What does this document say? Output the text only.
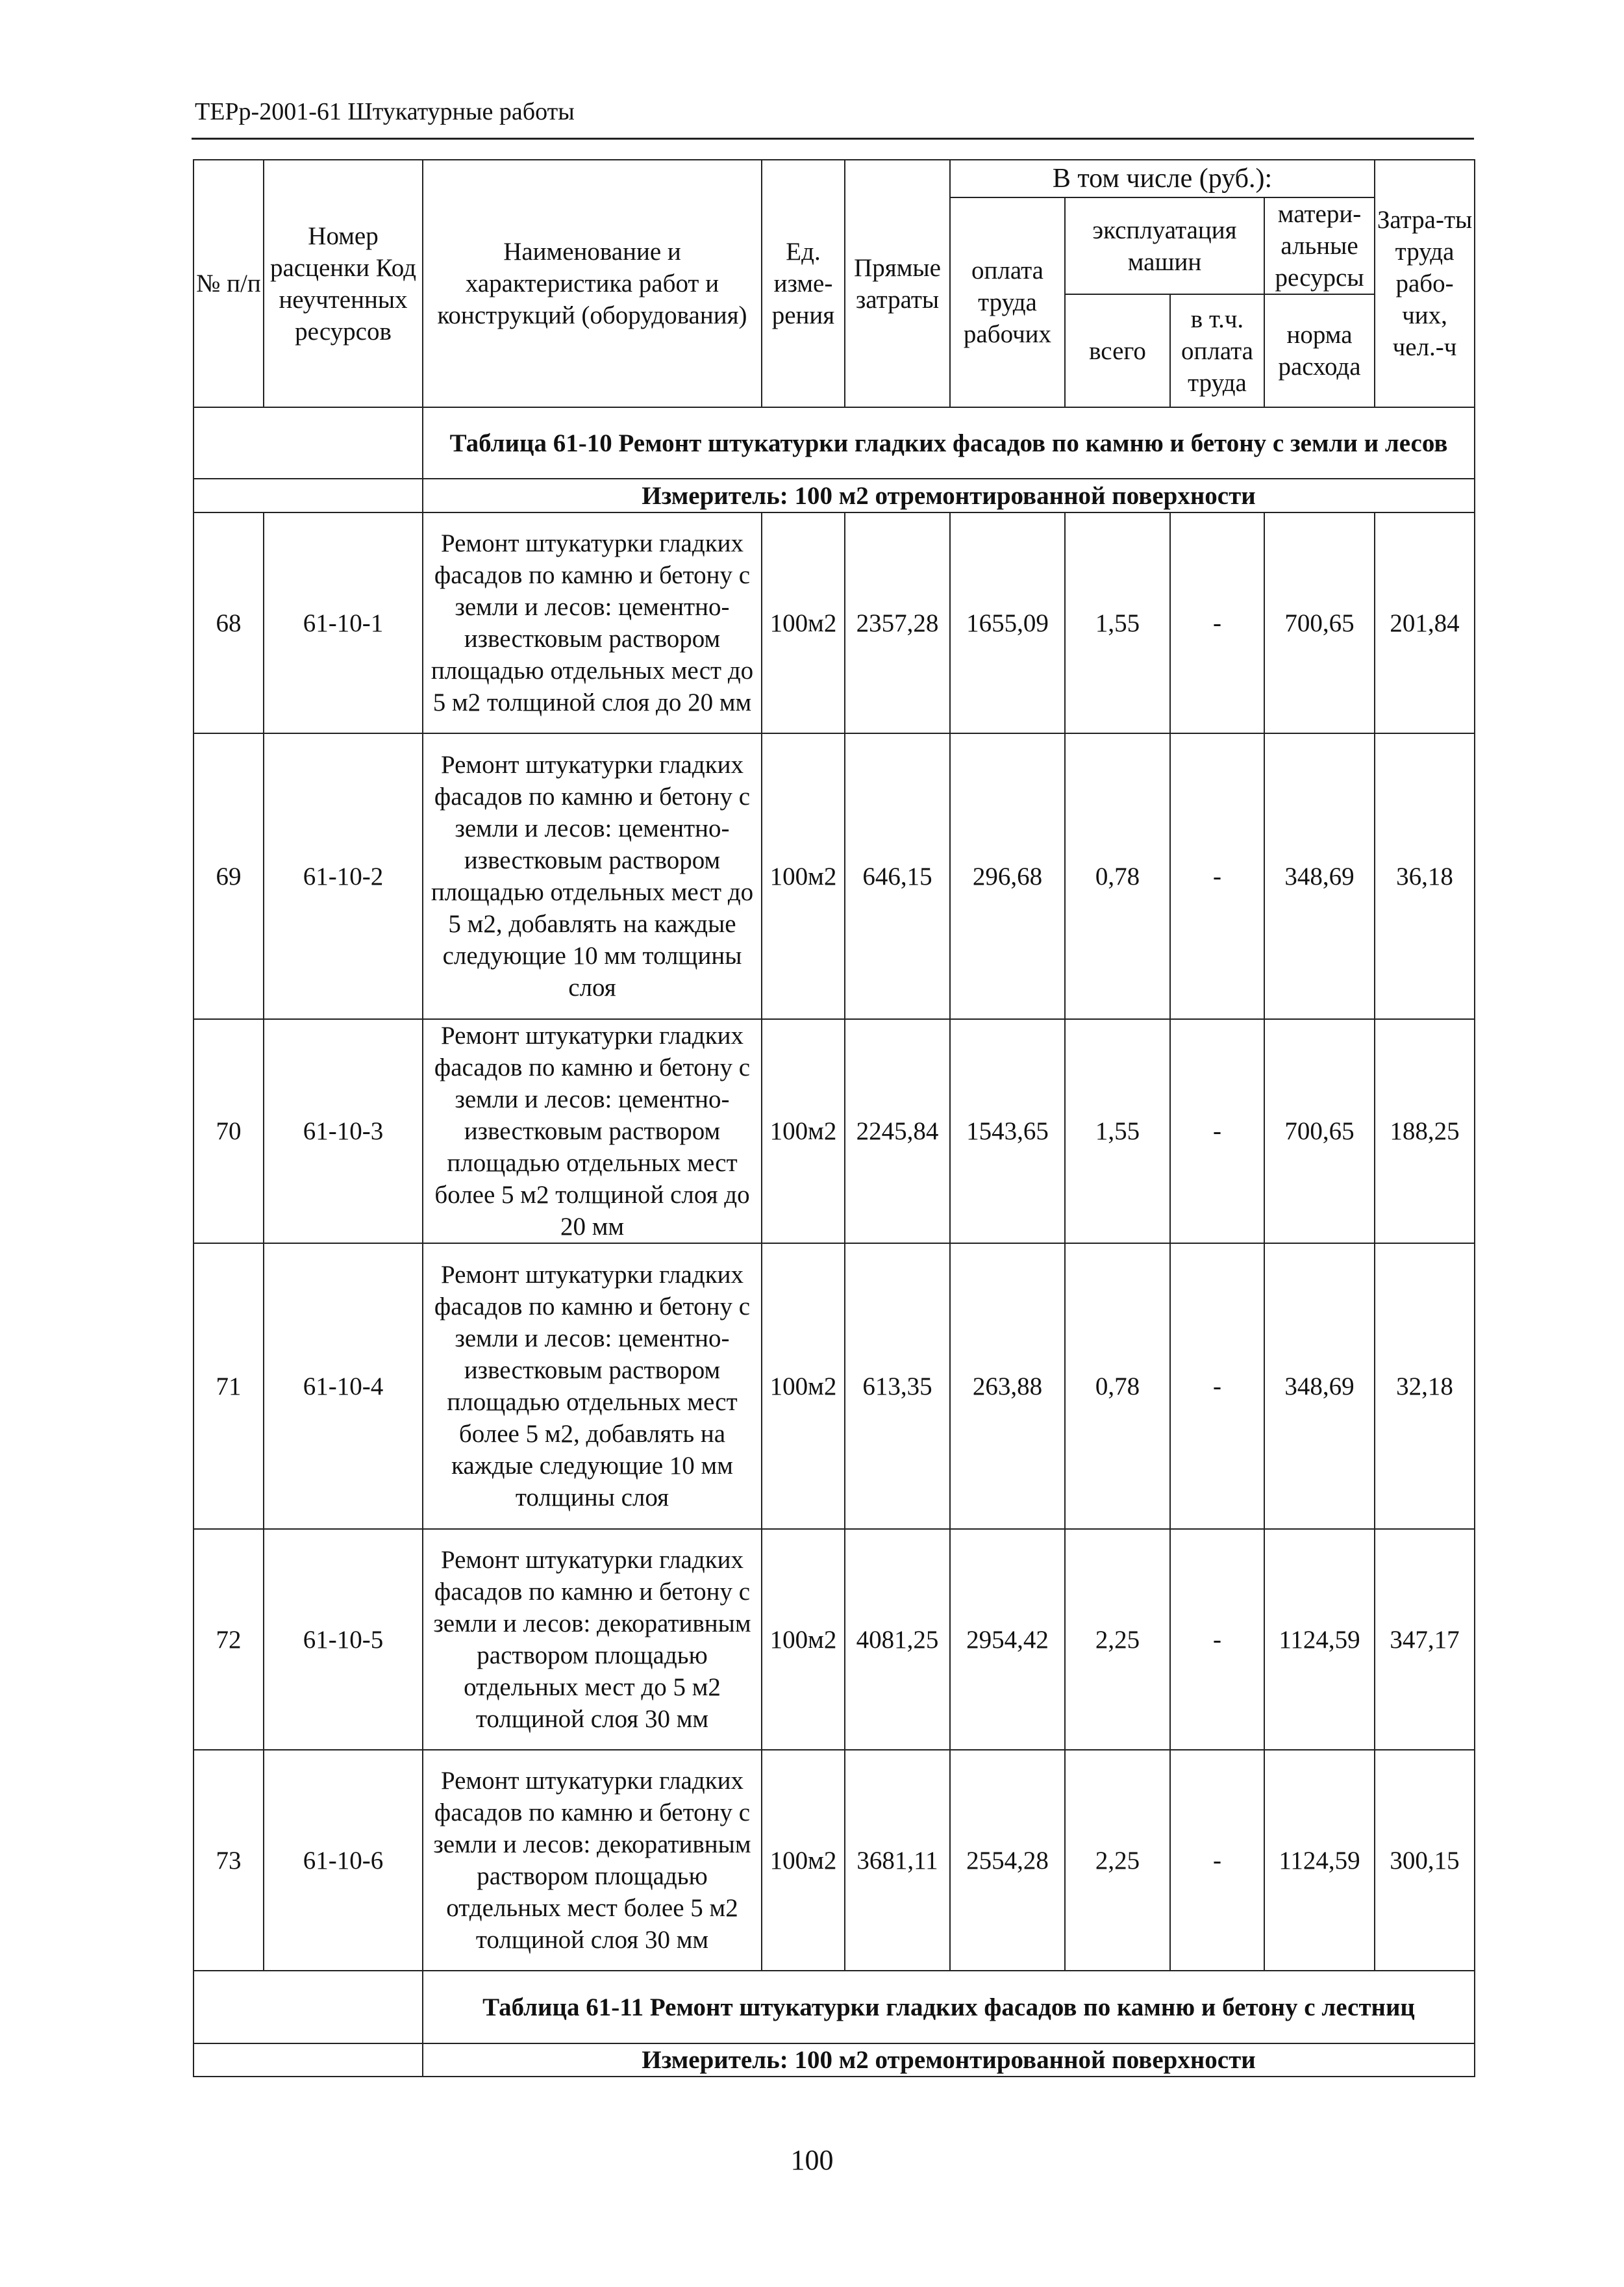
ТЕРр-2001-61 Штукатурные работы
№ п/п	Номер расценки Код неучтенных ресурсов	Наименование и характеристика работ и конструкций (оборудования)	Ед. изме-рения	Прямые затраты	В том числе (руб.):				Затра-ты труда рабо-чих, чел.-ч
					оплата труда рабочих	эксплуатация машин		матери-альные ресурсы	

						всего	в т.ч. оплата труда	норма расхода	
		Таблица 61-10 Ремонт штукатурки гладких фасадов по камню и бетону с земли и лесов							
		Измеритель: 100 м2 отремонтированной поверхности							
68	61-10-1	Ремонт штукатурки гладких фасадов по камню и бетону с земли и лесов: цементно-известковым раствором площадью отдельных мест до 5 м2 толщиной слоя до 20 мм	100м2	2357,28	1655,09	1,55	-	700,65	201,84
69	61-10-2	Ремонт штукатурки гладких фасадов по камню и бетону с земли и лесов: цементно-известковым раствором площадью отдельных мест до 5 м2, добавлять на каждые следующие 10 мм толщины слоя	100м2	646,15	296,68	0,78	-	348,69	36,18
70	61-10-3	Ремонт штукатурки гладких фасадов по камню и бетону с земли и лесов: цементно-известковым раствором площадью отдельных мест более 5 м2 толщиной слоя до 20 мм	100м2	2245,84	1543,65	1,55	-	700,65	188,25
71	61-10-4	Ремонт штукатурки гладких фасадов по камню и бетону с земли и лесов: цементно-известковым раствором площадью отдельных мест более 5 м2, добавлять на каждые следующие 10 мм толщины слоя	100м2	613,35	263,88	0,78	-	348,69	32,18
72	61-10-5	Ремонт штукатурки гладких фасадов по камню и бетону с земли и лесов: декоративным раствором площадью отдельных мест до 5 м2 толщиной слоя 30 мм	100м2	4081,25	2954,42	2,25	-	1124,59	347,17
73	61-10-6	Ремонт штукатурки гладких фасадов по камню и бетону с земли и лесов: декоративным раствором площадью отдельных мест более 5 м2 толщиной слоя 30 мм	100м2	3681,11	2554,28	2,25	-	1124,59	300,15
		Таблица 61-11 Ремонт штукатурки гладких фасадов по камню и бетону с лестниц							
		Измеритель: 100 м2 отремонтированной поверхности							
100
